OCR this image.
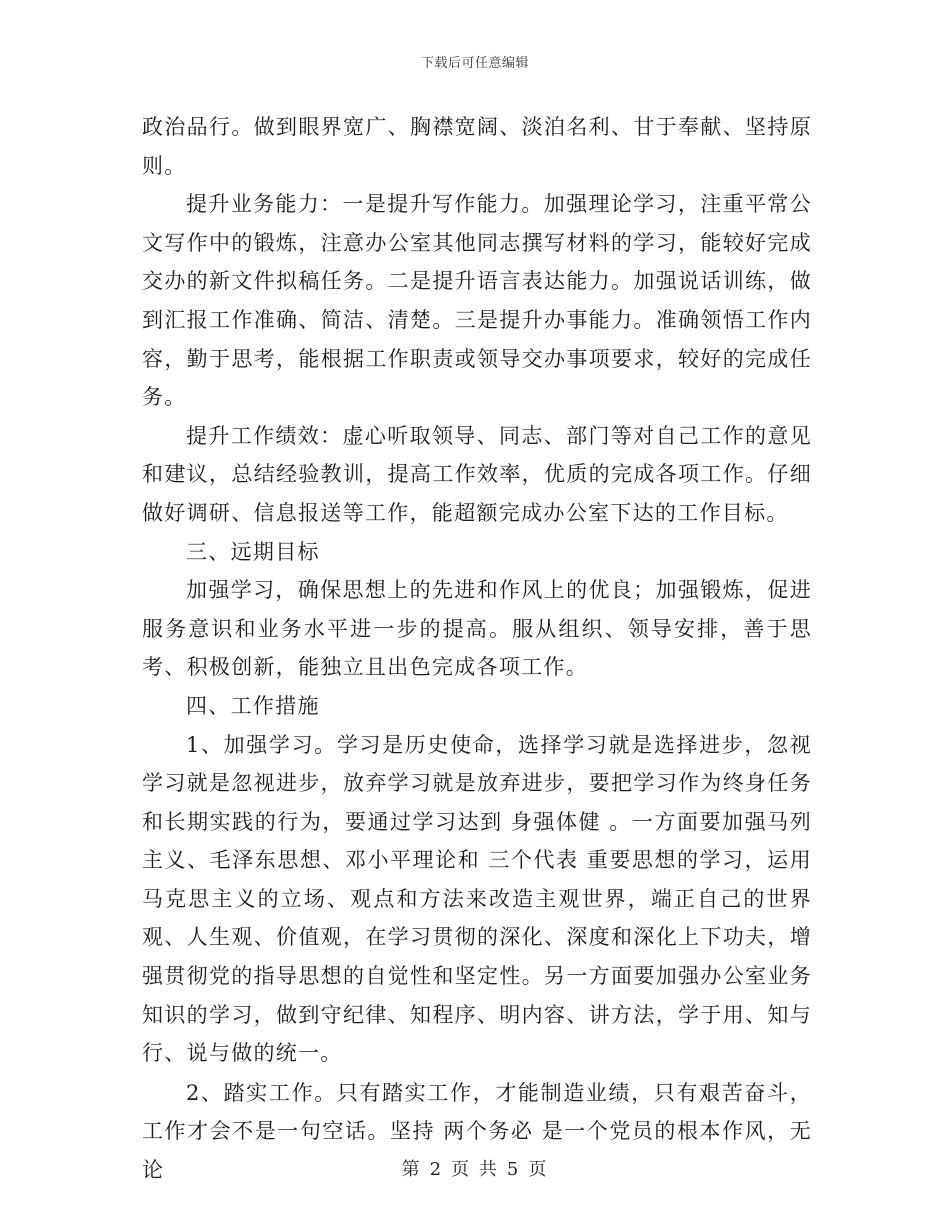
下载后可任意编辑

政治品行。做到眼界宽广、胸襟宽阔、淡泊名利、甘于奉献、坚持原则。

提升业务能力：一是提升写作能力。加强理论学习，注重平常公文写作中的锻炼，注意办公室其他同志撰写材料的学习，能较好完成交办的新文件拟稿任务。二是提升语言表达能力。加强说话训练，做到汇报工作准确、简洁、清楚。三是提升办事能力。准确领悟工作内容，勤于思考，能根据工作职责或领导交办事项要求，较好的完成任务。

提升工作绩效：虚心听取领导、同志、部门等对自己工作的意见和建议，总结经验教训，提高工作效率，优质的完成各项工作。仔细做好调研、信息报送等工作，能超额完成办公室下达的工作目标。

三、远期目标

加强学习，确保思想上的先进和作风上的优良；加强锻炼，促进服务意识和业务水平进一步的提高。服从组织、领导安排，善于思考、积极创新，能独立且出色完成各项工作。

四、工作措施

1、加强学习。学习是历史使命，选择学习就是选择进步，忽视学习就是忽视进步，放弃学习就是放弃进步，要把学习作为终身任务和长期实践的行为，要通过学习达到 身强体健 。一方面要加强马列主义、毛泽东思想、邓小平理论和 三个代表 重要思想的学习，运用马克思主义的立场、观点和方法来改造主观世界，端正自己的世界观、人生观、价值观，在学习贯彻的深化、深度和深化上下功夫，增强贯彻党的指导思想的自觉性和坚定性。另一方面要加强办公室业务知识的学习，做到守纪律、知程序、明内容、讲方法，学于用、知与行、说与做的统一。

2、踏实工作。只有踏实工作，才能制造业绩，只有艰苦奋斗，工作才会不是一句空话。坚持 两个务必 是一个党员的根本作风，无论	第 2 页 共 5 页
